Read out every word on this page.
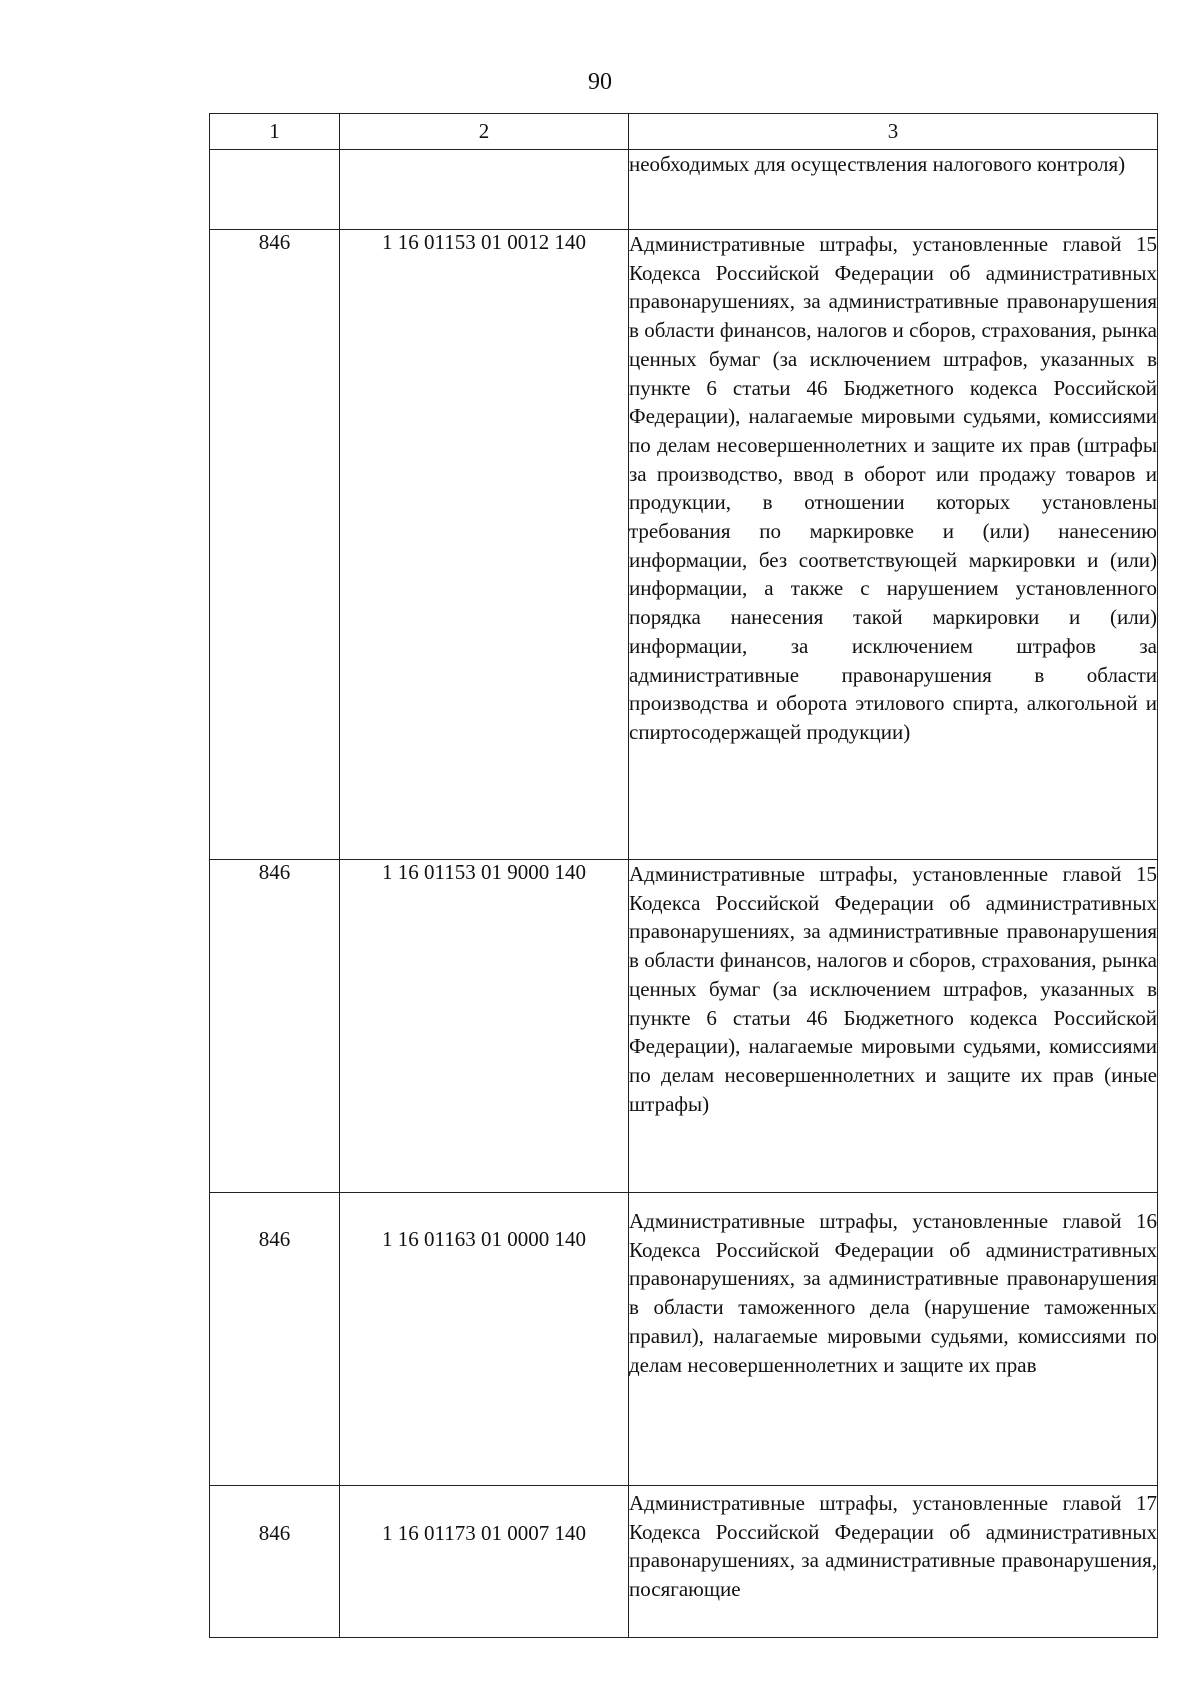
90
1	2	3
		необходимых для осуществления налогового контроля)
846	1 16 01153 01 0012 140	Административные штрафы, установленные главой 15 Кодекса Российской Федерации об административных правонарушениях, за административные правонарушения в области финансов, налогов и сборов, страхования, рынка ценных бумаг (за исключением штрафов, указанных в пункте 6 статьи 46 Бюджетного кодекса Российской Федерации), налагаемые мировыми судьями, комиссиями по делам несовершеннолетних и защите их прав (штрафы за производство, ввод в оборот или продажу товаров и продукции, в отношении которых установлены требования по маркировке и (или) нанесению информации, без соответствующей маркировки и (или) информации, а также с нарушением установленного порядка нанесения такой маркировки и (или) информации, за исключением штрафов за административные правонарушения в области производства и оборота этилового спирта, алкогольной и спиртосодержащей продукции)
846	1 16 01153 01 9000 140	Административные штрафы, установленные главой 15 Кодекса Российской Федерации об административных правонарушениях, за административные правонарушения в области финансов, налогов и сборов, страхования, рынка ценных бумаг (за исключением штрафов, указанных в пункте 6 статьи 46 Бюджетного кодекса Российской Федерации), налагаемые мировыми судьями, комиссиями по делам несовершеннолетних и защите их прав (иные штрафы)
846	1 16 01163 01 0000 140	Административные штрафы, установленные главой 16 Кодекса Российской Федерации об административных правонарушениях, за административные правонарушения в области таможенного дела (нарушение таможенных правил), налагаемые мировыми судьями, комиссиями по делам несовершеннолетних и защите их прав
846	1 16 01173 01 0007 140	Административные штрафы, установленные главой 17 Кодекса Российской Федерации об административных правонарушениях, за административные правонарушения, посягающие
